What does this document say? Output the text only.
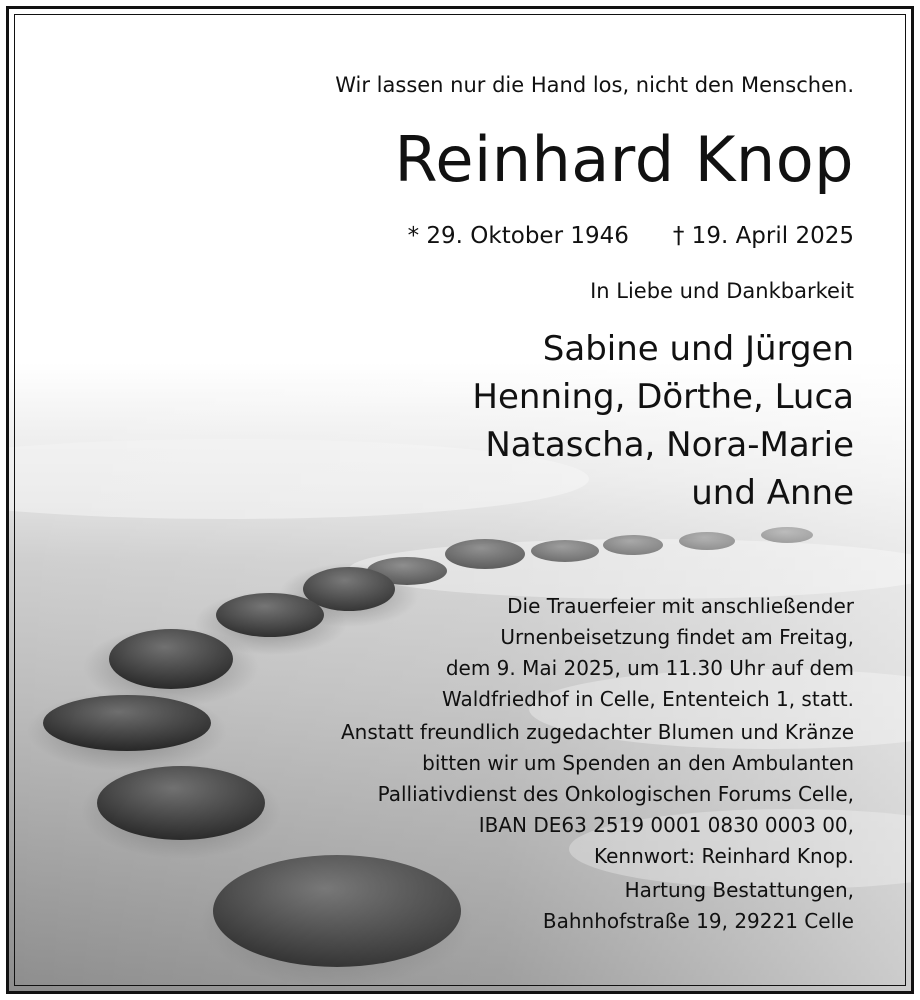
Wir lassen nur die Hand los, nicht den Menschen.
Reinhard Knop
* 29. Oktober 1946 † 19. April 2025
In Liebe und Dankbarkeit
Sabine und Jürgen
Henning, Dörthe, Luca
Natascha, Nora-Marie
und Anne
Die Trauerfeier mit anschließender
Urnenbeisetzung findet am Freitag,
dem 9. Mai 2025, um 11.30 Uhr auf dem
Waldfriedhof in Celle, Ententeich 1, statt.
Anstatt freundlich zugedachter Blumen und Kränze
bitten wir um Spenden an den Ambulanten
Palliativdienst des Onkologischen Forums Celle,
IBAN DE63 2519 0001 0830 0003 00,
Kennwort: Reinhard Knop.
Hartung Bestattungen,
Bahnhofstraße 19, 29221 Celle
